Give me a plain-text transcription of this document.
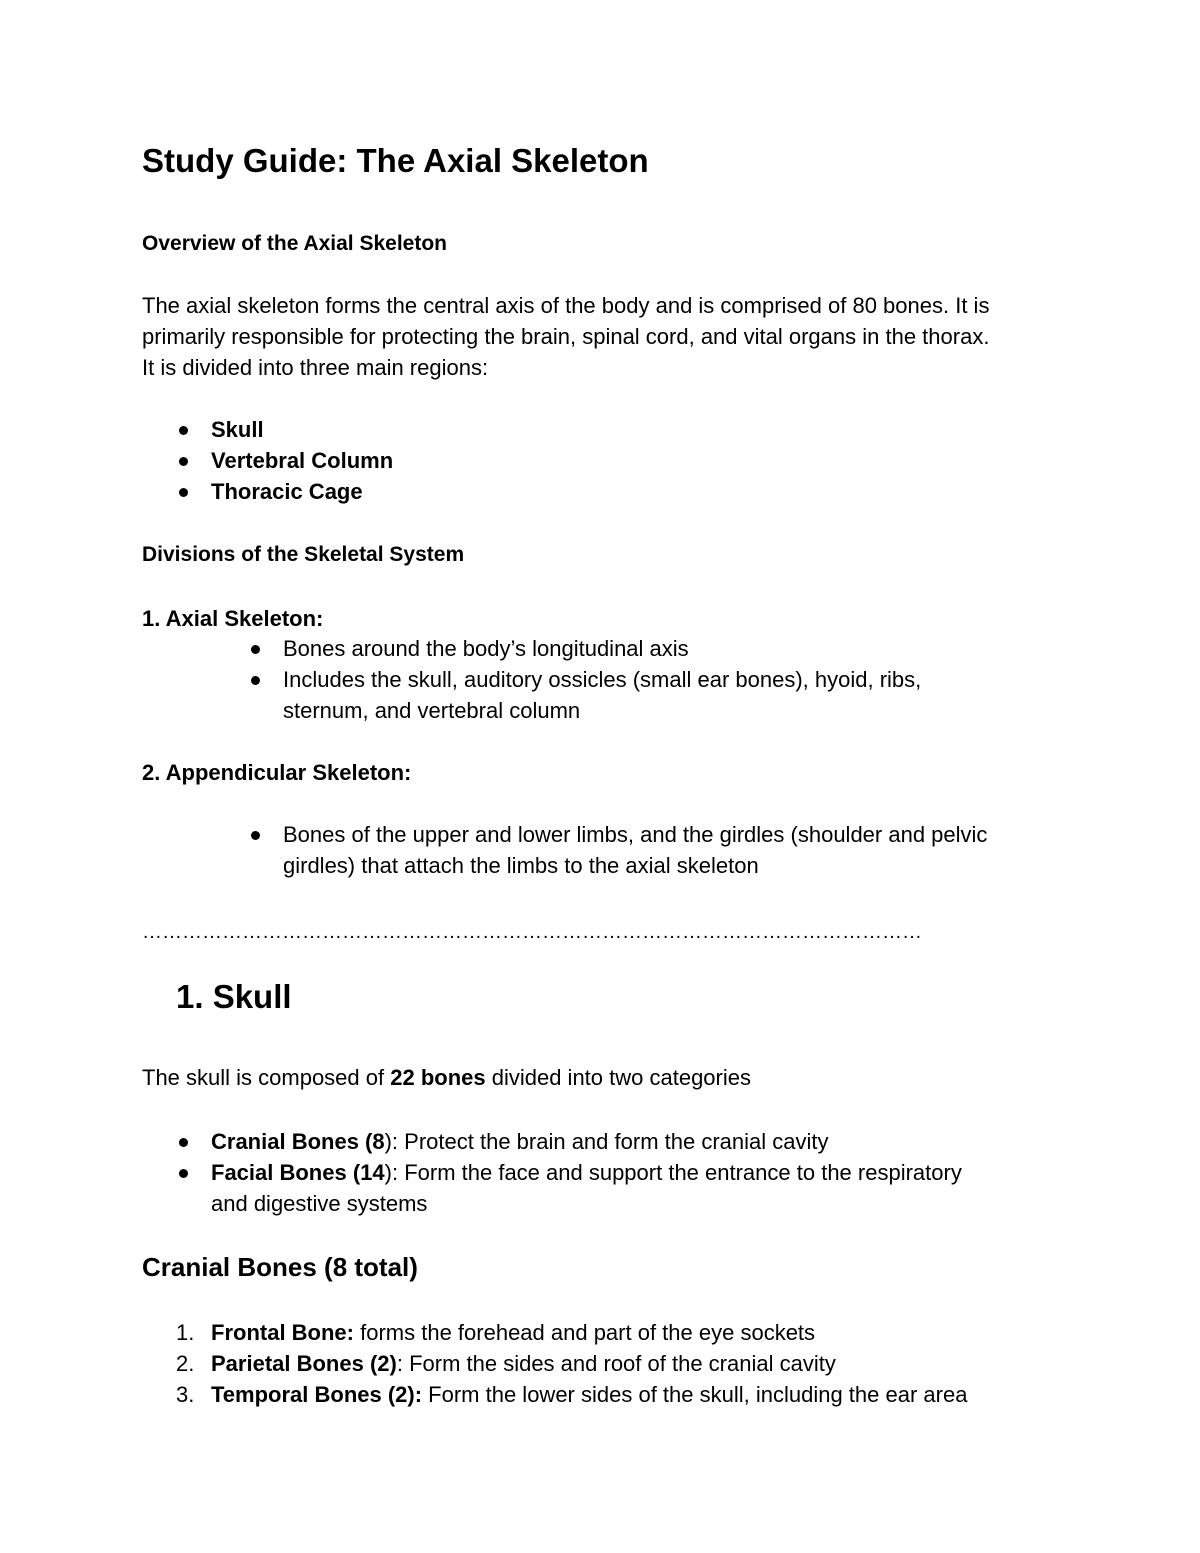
Study Guide: The Axial Skeleton
Overview of the Axial Skeleton

The axial skeleton forms the central axis of the body and is comprised of 80 bones. It is

primarily responsible for protecting the brain, spinal cord, and vital organs in the thorax.

It is divided into three main regions:

Skull
Vertebral Column
Thoracic Cage
Divisions of the Skeletal System
1. Axial Skeleton:
Bones around the body’s longitudinal axis
Includes the skull, auditory ossicles (small ear bones), hyoid, ribs,
sternum, and vertebral column
2. Appendicular Skeleton:
Bones of the upper and lower limbs, and the girdles (shoulder and pelvic
girdles) that attach the limbs to the axial skeleton
………………………………………………………………………………………………………
1. Skull
The skull is composed of 22 bones divided into two categories
Cranial Bones (8): Protect the brain and form the cranial cavity
Facial Bones (14): Form the face and support the entrance to the respiratory
and digestive systems
Cranial Bones (8 total)
1. Frontal Bone: forms the forehead and part of the eye sockets
2. Parietal Bones (2): Form the sides and roof of the cranial cavity
3. Temporal Bones (2): Form the lower sides of the skull, including the ear area
